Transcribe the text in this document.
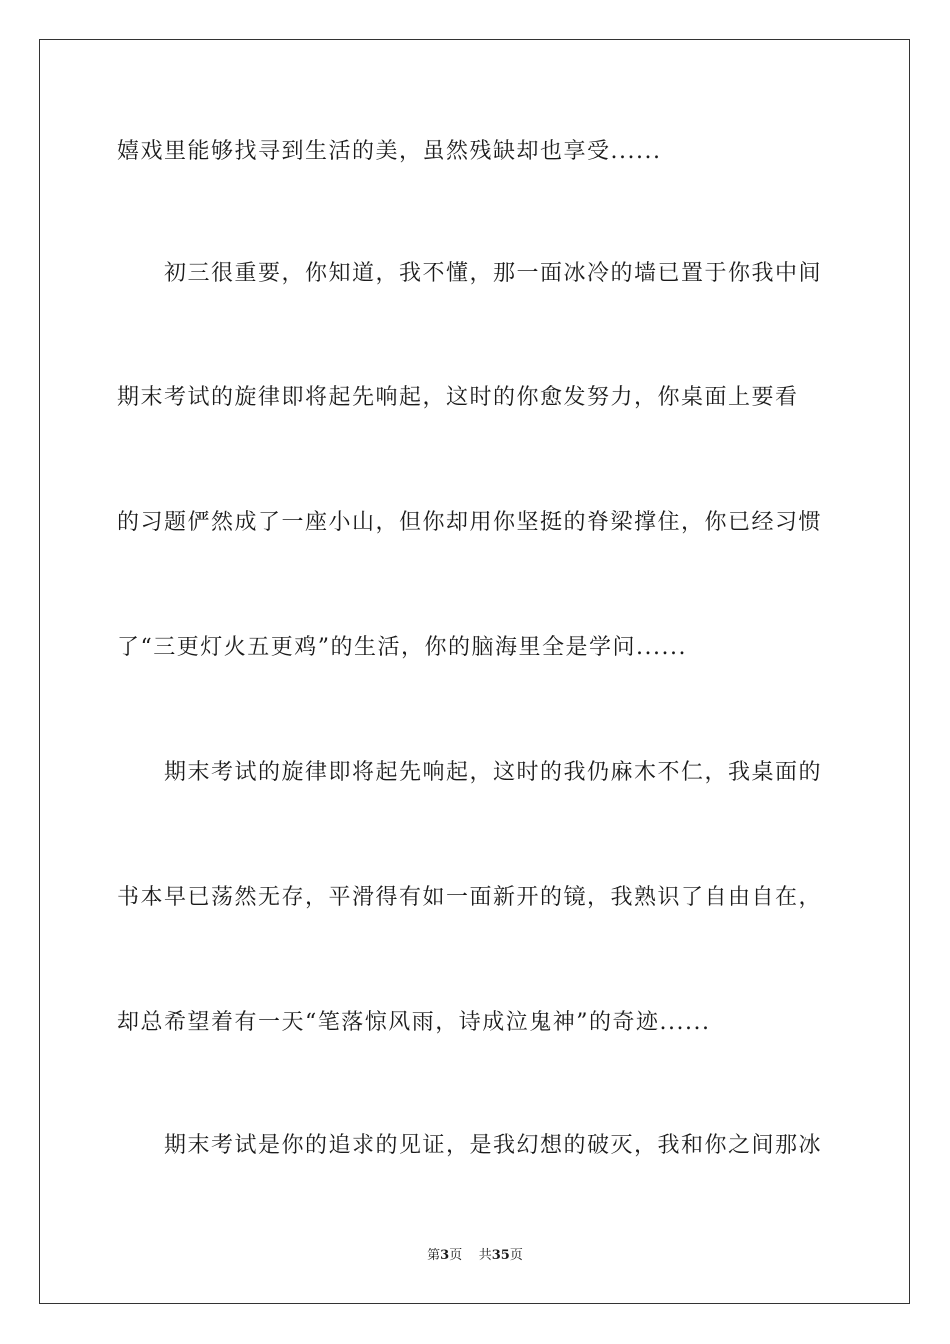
嬉戏里能够找寻到生活的美，虽然残缺却也享受......
　　初三很重要，你知道，我不懂，那一面冰冷的墙已置于你我中间
期末考试的旋律即将起先响起，这时的你愈发努力，你桌面上要看
的习题俨然成了一座小山，但你却用你坚挺的脊梁撑住，你已经习惯
了“三更灯火五更鸡”的生活，你的脑海里全是学问......
　　期末考试的旋律即将起先响起，这时的我仍麻木不仁，我桌面的
书本早已荡然无存，平滑得有如一面新开的镜，我熟识了自由自在，
却总希望着有一天“笔落惊风雨，诗成泣鬼神”的奇迹......
　　期末考试是你的追求的见证，是我幻想的破灭，我和你之间那冰
第3页 共35页
